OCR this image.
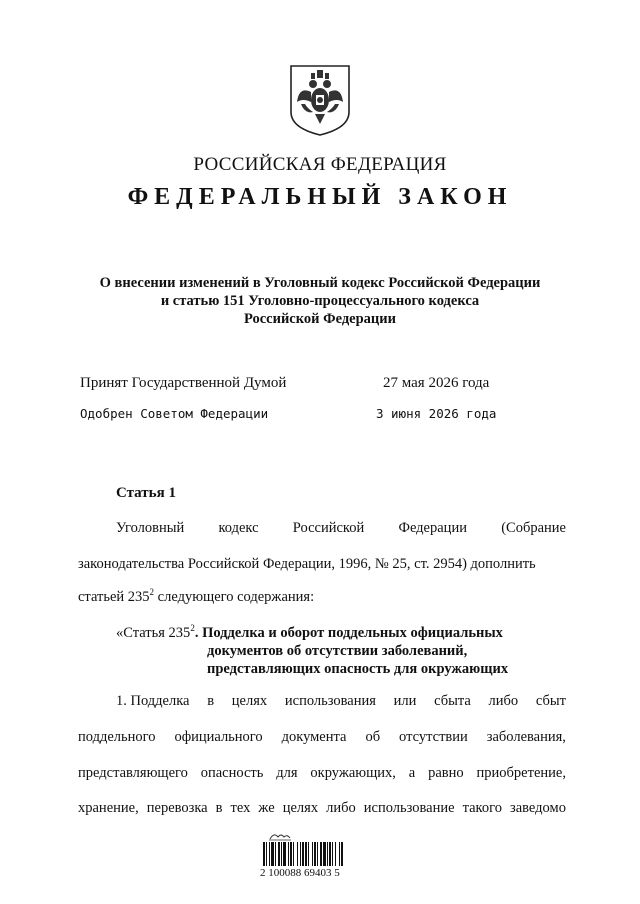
РОССИЙСКАЯ ФЕДЕРАЦИЯ
ФЕДЕРАЛЬНЫЙ ЗАКОН
О внесении изменений в Уголовный кодекс Российской Федерации
и статью 151 Уголовно-процессуального кодекса
Российской Федерации
Принят Государственной Думой	27 мая 2026 года
Одобрен Советом Федерации	3 июня 2026 года
Статья 1
Уголовный кодекс Российской Федерации (Собрание
законодательства Российской Федерации, 1996, № 25, ст. 2954) дополнить
статьей $235^2$ следующего содержания:
«Статья $235^2$. Подделка и оборот поддельных официальных
документов об отсутствии заболеваний,
представляющих опасность для окружающих
1. Подделка в целях использования или сбыта либо сбыт
поддельного официального документа об отсутствии заболевания,
представляющего опасность для окружающих, а равно приобретение,
хранение, перевозка в тех же целях либо использование такого заведомо
2 100088 69403 5
